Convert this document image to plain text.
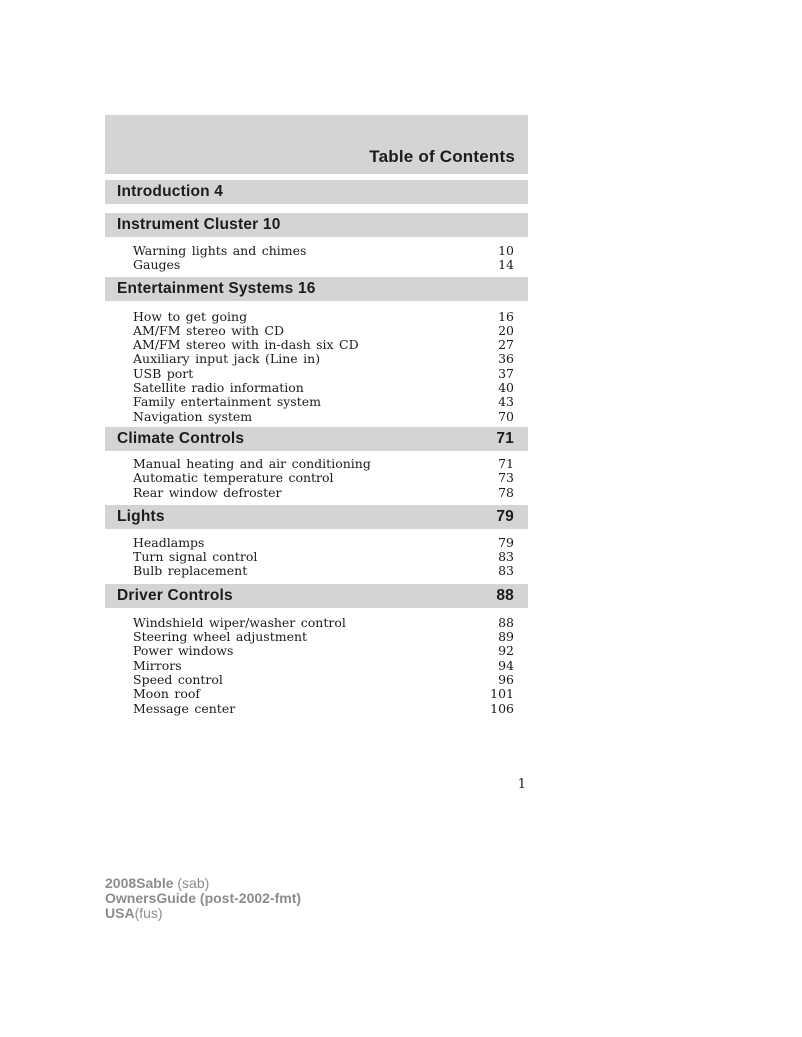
Table of Contents
Introduction 4
Instrument Cluster 10
Warning lights and chimes	10
Gauges	14
Entertainment Systems 16
How to get going	16
AM/FM stereo with CD	20
AM/FM stereo with in-dash six CD	27
Auxiliary input jack (Line in)	36
USB port	37
Satellite radio information	40
Family entertainment system	43
Navigation system	70
Climate Controls	71
Manual heating and air conditioning	71
Automatic temperature control	73
Rear window defroster	78
Lights	79
Headlamps	79
Turn signal control	83
Bulb replacement	83
Driver Controls	88
Windshield wiper/washer control	88
Steering wheel adjustment	89
Power windows	92
Mirrors	94
Speed control	96
Moon roof	101
Message center	106
1
2008Sable (sab)
OwnersGuide (post-2002-fmt)
USA(fus)
